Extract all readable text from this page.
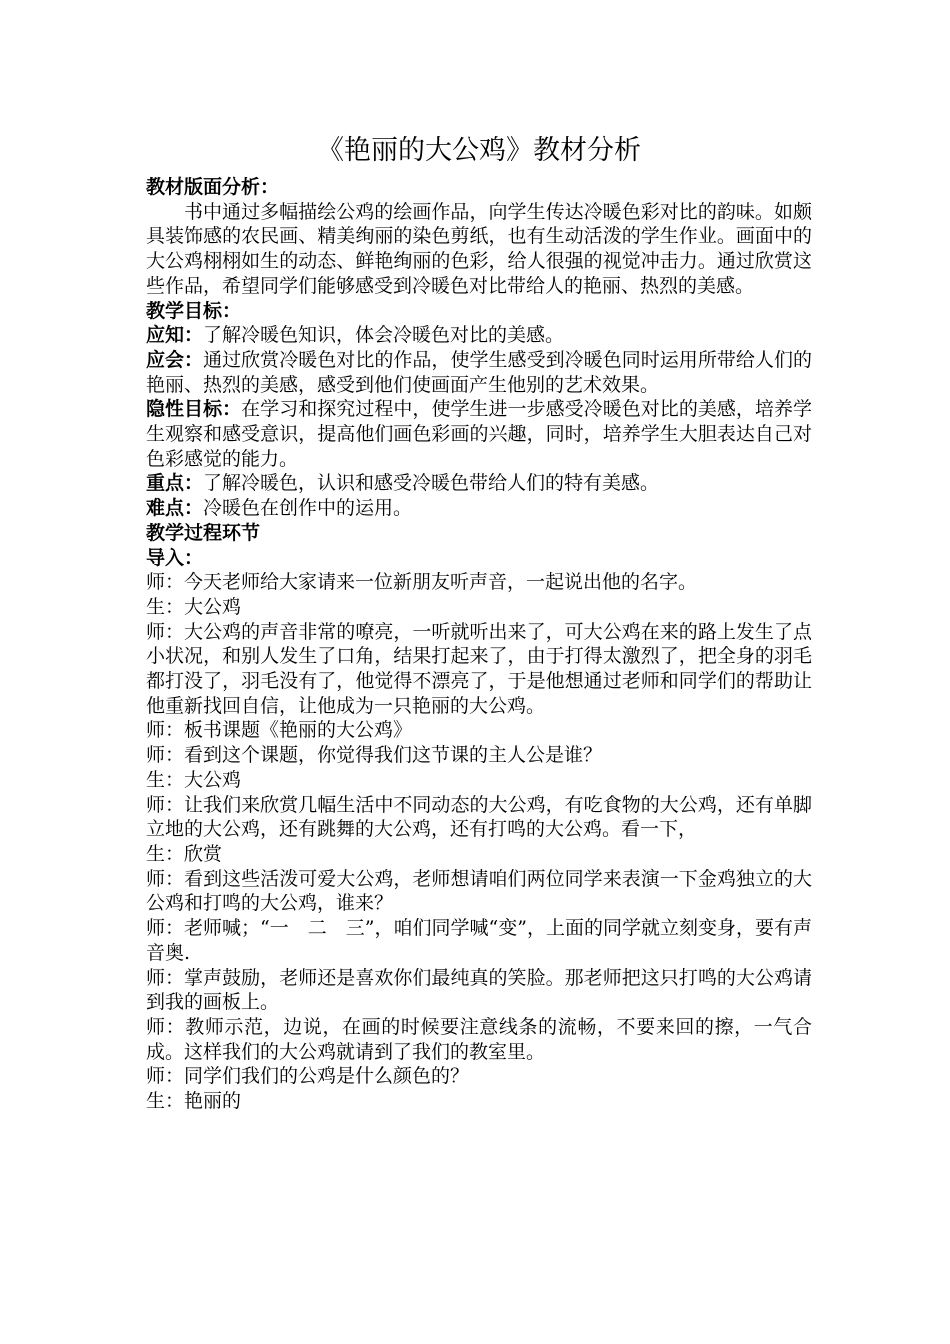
《艳丽的大公鸡》教材分析

教材版面分析：

书中通过多幅描绘公鸡的绘画作品，向学生传达冷暖色彩对比的韵味。如颇具装饰感的农民画、精美绚丽的染色剪纸，也有生动活泼的学生作业。画面中的大公鸡栩栩如生的动态、鲜艳绚丽的色彩，给人很强的视觉冲击力。通过欣赏这些作品，希望同学们能够感受到冷暖色对比带给人的艳丽、热烈的美感。

教学目标：

应知：了解冷暖色知识，体会冷暖色对比的美感。

应会：通过欣赏冷暖色对比的作品，使学生感受到冷暖色同时运用所带给人们的艳丽、热烈的美感，感受到他们使画面产生他别的艺术效果。

隐性目标：在学习和探究过程中，使学生进一步感受冷暖色对比的美感，培养学生观察和感受意识，提高他们画色彩画的兴趣，同时，培养学生大胆表达自己对色彩感觉的能力。

重点：了解冷暖色，认识和感受冷暖色带给人们的特有美感。

难点：冷暖色在创作中的运用。

教学过程环节

导入：

师：今天老师给大家请来一位新朋友听声音，一起说出他的名字。

生：大公鸡

师：大公鸡的声音非常的嘹亮，一听就听出来了，可大公鸡在来的路上发生了点小状况，和别人发生了口角，结果打起来了，由于打得太激烈了，把全身的羽毛都打没了，羽毛没有了，他觉得不漂亮了，于是他想通过老师和同学们的帮助让他重新找回自信，让他成为一只艳丽的大公鸡。

师：板书课题《艳丽的大公鸡》

师：看到这个课题，你觉得我们这节课的主人公是谁？

生：大公鸡

师：让我们来欣赏几幅生活中不同动态的大公鸡，有吃食物的大公鸡，还有单脚立地的大公鸡，还有跳舞的大公鸡，还有打鸣的大公鸡。看一下，

生：欣赏

师：看到这些活泼可爱大公鸡，老师想请咱们两位同学来表演一下金鸡独立的大公鸡和打鸣的大公鸡，谁来？

师：老师喊；“一　二　三”，咱们同学喊“变”，上面的同学就立刻变身，要有声音奥.

师：掌声鼓励，老师还是喜欢你们最纯真的笑脸。那老师把这只打鸣的大公鸡请到我的画板上。

师：教师示范，边说，在画的时候要注意线条的流畅，不要来回的擦，一气合成。这样我们的大公鸡就请到了我们的教室里。

师：同学们我们的公鸡是什么颜色的？

生：艳丽的
